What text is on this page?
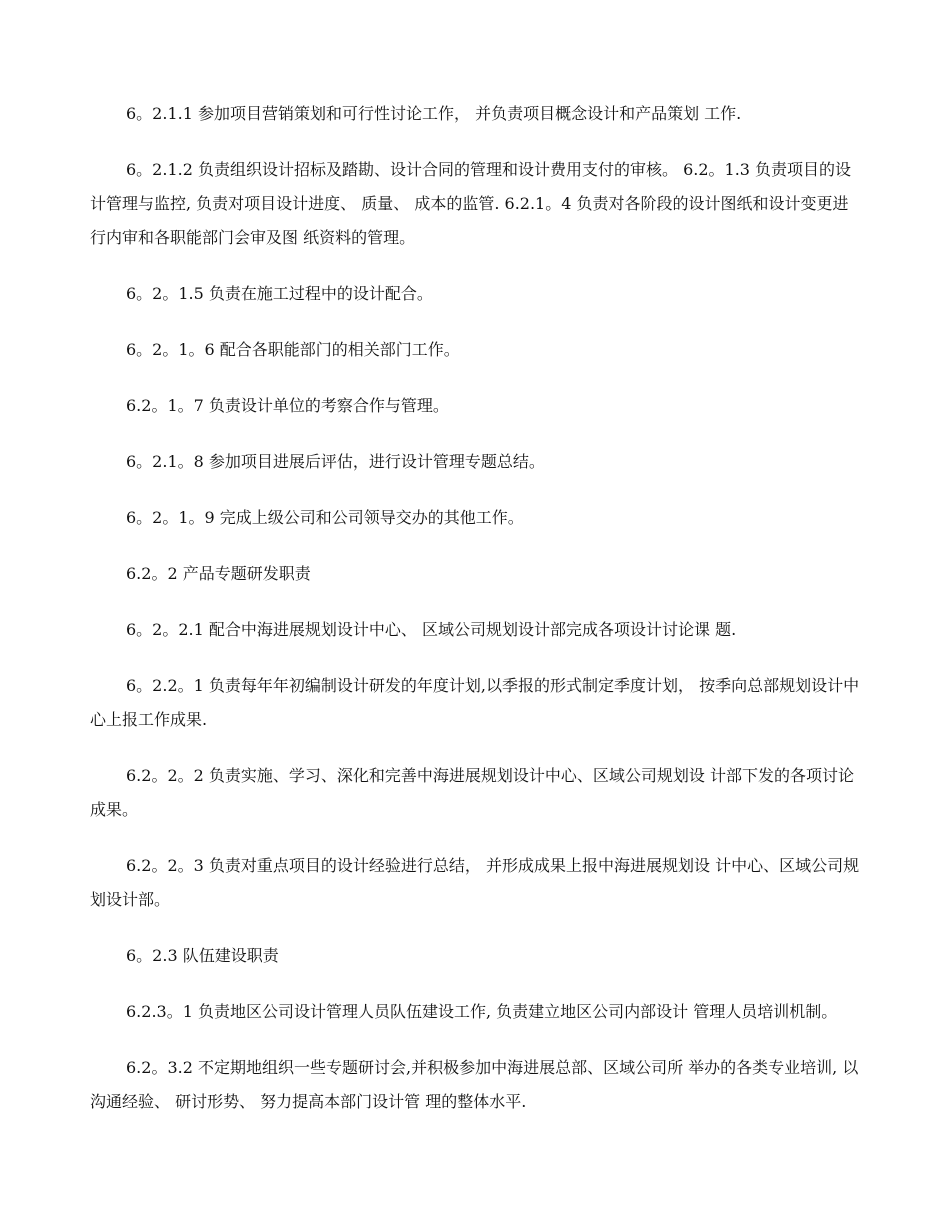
6。2.1.1 参加项目营销策划和可行性讨论工作， 并负责项目概念设计和产品策划 工作.

6。2.1.2 负责组织设计招标及踏勘、设计合同的管理和设计费用支付的审核。 6.2。1.3 负责项目的设计管理与监控, 负责对项目设计进度、 质量、 成本的监管. 6.2.1。4 负责对各阶段的设计图纸和设计变更进行内审和各职能部门会审及图 纸资料的管理。

6。2。1.5 负责在施工过程中的设计配合。

6。2。1。6 配合各职能部门的相关部门工作。

6.2。1。7 负责设计单位的考察合作与管理。

6。2.1。8 参加项目进展后评估，进行设计管理专题总结。

6。2。1。9 完成上级公司和公司领导交办的其他工作。

6.2。2 产品专题研发职责

6。2。2.1 配合中海进展规划设计中心、 区域公司规划设计部完成各项设计讨论课 题.

6。2.2。1 负责每年年初编制设计研发的年度计划,以季报的形式制定季度计划， 按季向总部规划设计中心上报工作成果.

6.2。2。2 负责实施、学习、深化和完善中海进展规划设计中心、区域公司规划设 计部下发的各项讨论成果。

6.2。2。3 负责对重点项目的设计经验进行总结， 并形成成果上报中海进展规划设 计中心、区域公司规划设计部。

6。2.3 队伍建设职责

6.2.3。1 负责地区公司设计管理人员队伍建设工作, 负责建立地区公司内部设计 管理人员培训机制。

6.2。3.2 不定期地组织一些专题研讨会,并积极参加中海进展总部、区域公司所 举办的各类专业培训, 以沟通经验、 研讨形势、 努力提高本部门设计管 理的整体水平.
